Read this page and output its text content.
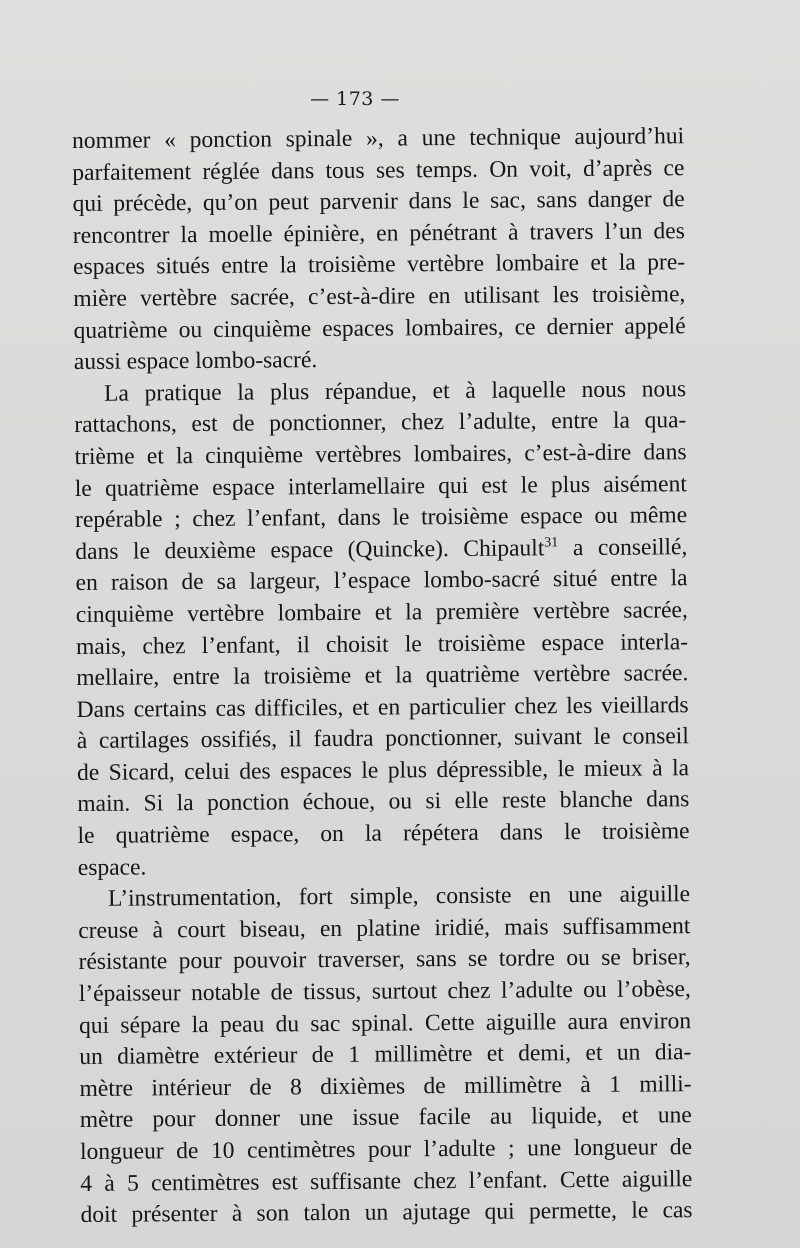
— 173 —
nommer « ponction spinale », a une technique aujourd’hui
parfaitement réglée dans tous ses temps. On voit, d’après ce
qui précède, qu’on peut parvenir dans le sac, sans danger de
rencontrer la moelle épinière, en pénétrant à travers l’un des
espaces situés entre la troisième vertèbre lombaire et la pre-
mière vertèbre sacrée, c’est-à-dire en utilisant les troisième,
quatrième ou cinquième espaces lombaires, ce dernier appelé
aussi espace lombo-sacré.
La pratique la plus répandue, et à laquelle nous nous
rattachons, est de ponctionner, chez l’adulte, entre la qua-
trième et la cinquième vertèbres lombaires, c’est-à-dire dans
le quatrième espace interlamellaire qui est le plus aisément
repérable ; chez l’enfant, dans le troisième espace ou même
dans le deuxième espace (Quincke). Chipault$^{31}$ a conseillé,
en raison de sa largeur, l’espace lombo-sacré situé entre la
cinquième vertèbre lombaire et la première vertèbre sacrée,
mais, chez l’enfant, il choisit le troisième espace interla-
mellaire, entre la troisième et la quatrième vertèbre sacrée.
Dans certains cas difficiles, et en particulier chez les vieillards
à cartilages ossifiés, il faudra ponctionner, suivant le conseil
de Sicard, celui des espaces le plus dépressible, le mieux à la
main. Si la ponction échoue, ou si elle reste blanche dans
le quatrième espace, on la répétera dans le troisième
espace.
L’instrumentation, fort simple, consiste en une aiguille
creuse à court biseau, en platine iridié, mais suffisamment
résistante pour pouvoir traverser, sans se tordre ou se briser,
l’épaisseur notable de tissus, surtout chez l’adulte ou l’obèse,
qui sépare la peau du sac spinal. Cette aiguille aura environ
un diamètre extérieur de 1 millimètre et demi, et un dia-
mètre intérieur de 8 dixièmes de millimètre à 1 milli-
mètre pour donner une issue facile au liquide, et une
longueur de 10 centimètres pour l’adulte ; une longueur de
4 à 5 centimètres est suffisante chez l’enfant. Cette aiguille
doit présenter à son talon un ajutage qui permette, le cas
